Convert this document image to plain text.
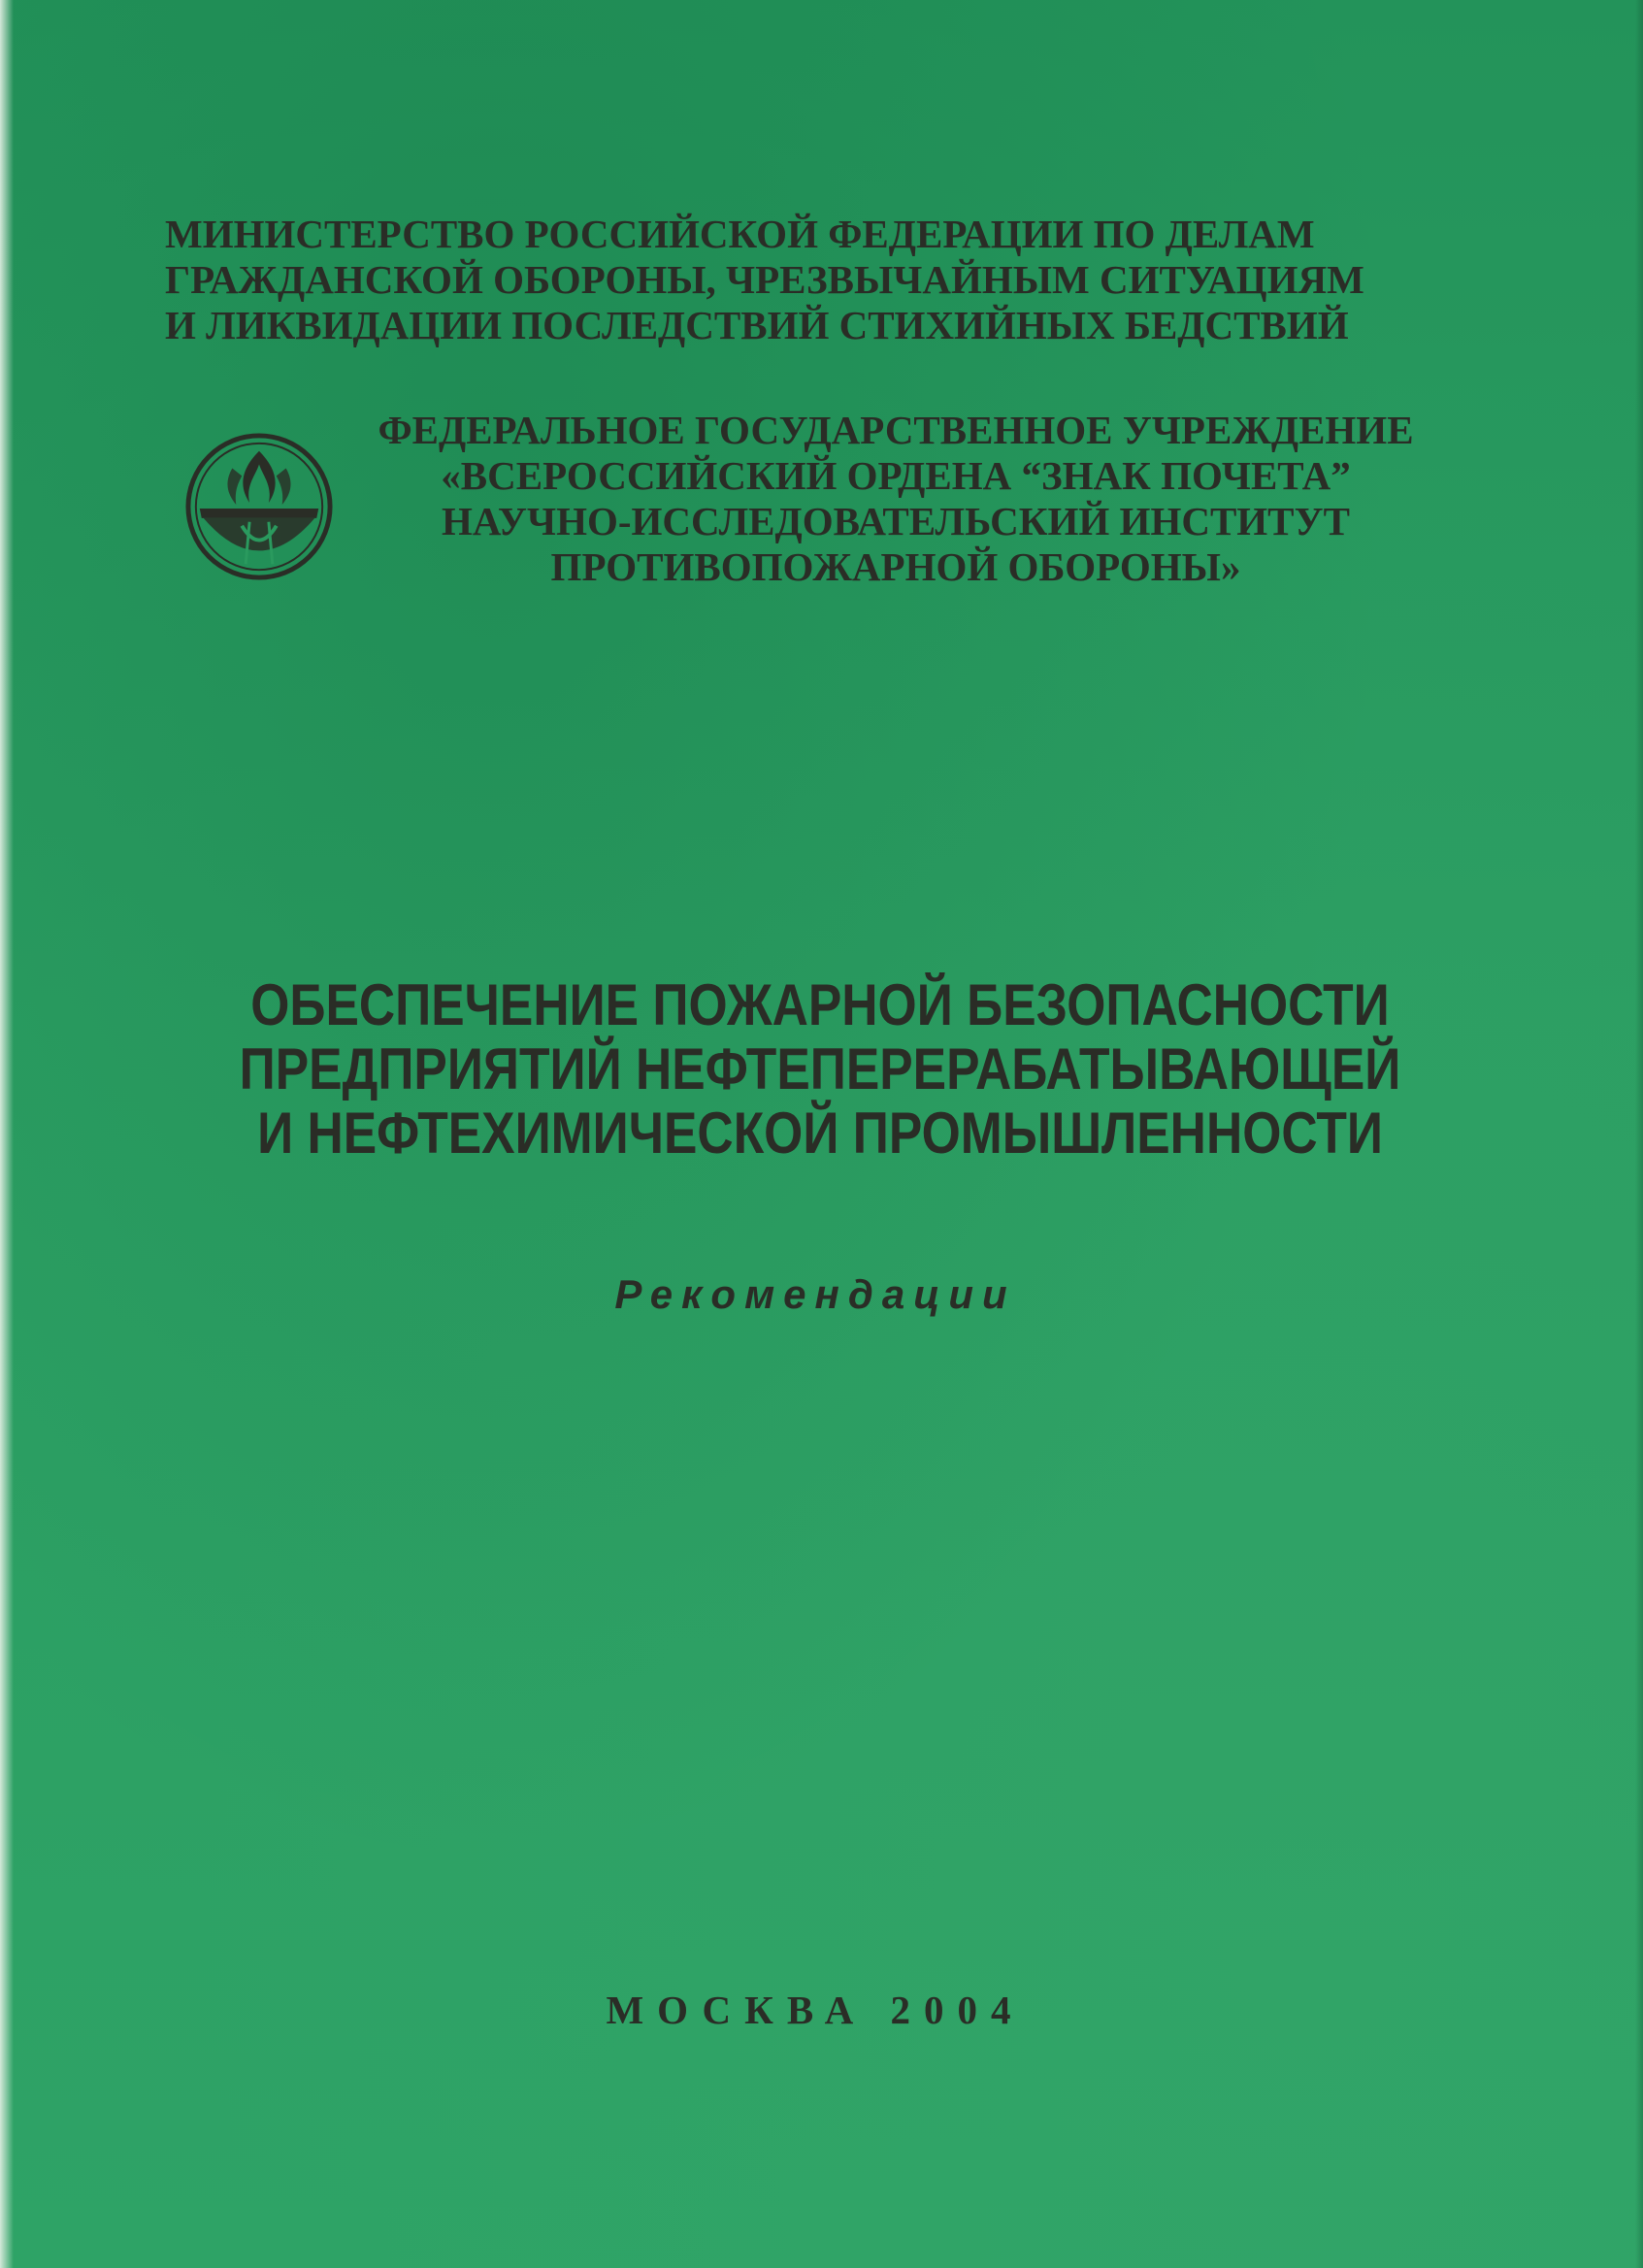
МИНИСТЕРСТВО РОССИЙСКОЙ ФЕДЕРАЦИИ ПО ДЕЛАМ
ГРАЖДАНСКОЙ ОБОРОНЫ, ЧРЕЗВЫЧАЙНЫМ СИТУАЦИЯМ
И ЛИКВИДАЦИИ ПОСЛЕДСТВИЙ СТИХИЙНЫХ БЕДСТВИЙ
ФЕДЕРАЛЬНОЕ ГОСУДАРСТВЕННОЕ УЧРЕЖДЕНИЕ
«ВСЕРОССИЙСКИЙ ОРДЕНА “ЗНАК ПОЧЕТА”
НАУЧНО-ИССЛЕДОВАТЕЛЬСКИЙ ИНСТИТУТ
ПРОТИВОПОЖАРНОЙ ОБОРОНЫ»
ОБЕСПЕЧЕНИЕ ПОЖАРНОЙ БЕЗОПАСНОСТИ
ПРЕДПРИЯТИЙ НЕФТЕПЕРЕРАБАТЫВАЮЩЕЙ
И НЕФТЕХИМИЧЕСКОЙ ПРОМЫШЛЕННОСТИ
Рекомендации
МОСКВА 2004
